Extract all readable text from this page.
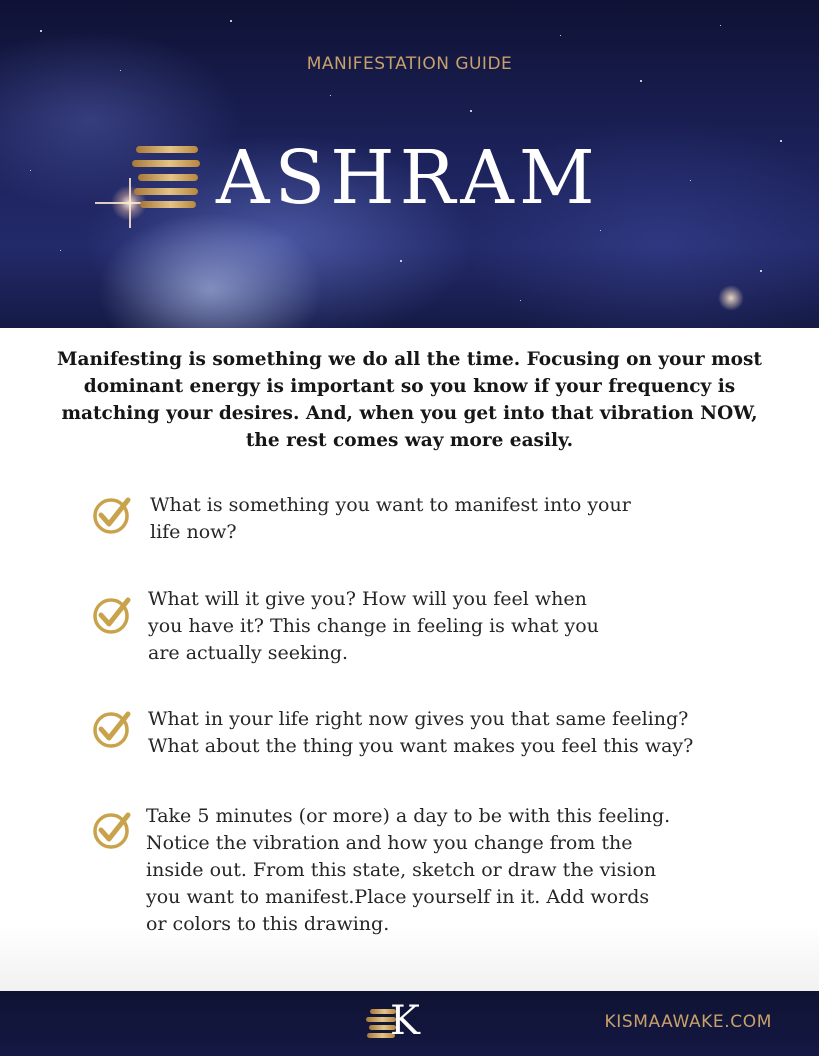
MANIFESTATION GUIDE
ASHRAM
Manifesting is something we do all the time. Focusing on your most dominant energy is important so you know if your frequency is matching your desires. And, when you get into that vibration NOW, the rest comes way more easily.
What is something you want to manifest into your
life now?
What will it give you? How will you feel when
you have it? This change in feeling is what you
are actually seeking.
What in your life right now gives you that same feeling?
What about the thing you want makes you feel this way?
Take 5 minutes (or more) a day to be with this feeling.
Notice the vibration and how you change from the
inside out. From this state, sketch or draw the vision
you want to manifest.Place yourself in it. Add words
or colors to this drawing.
K	KISMAAWAKE.COM
